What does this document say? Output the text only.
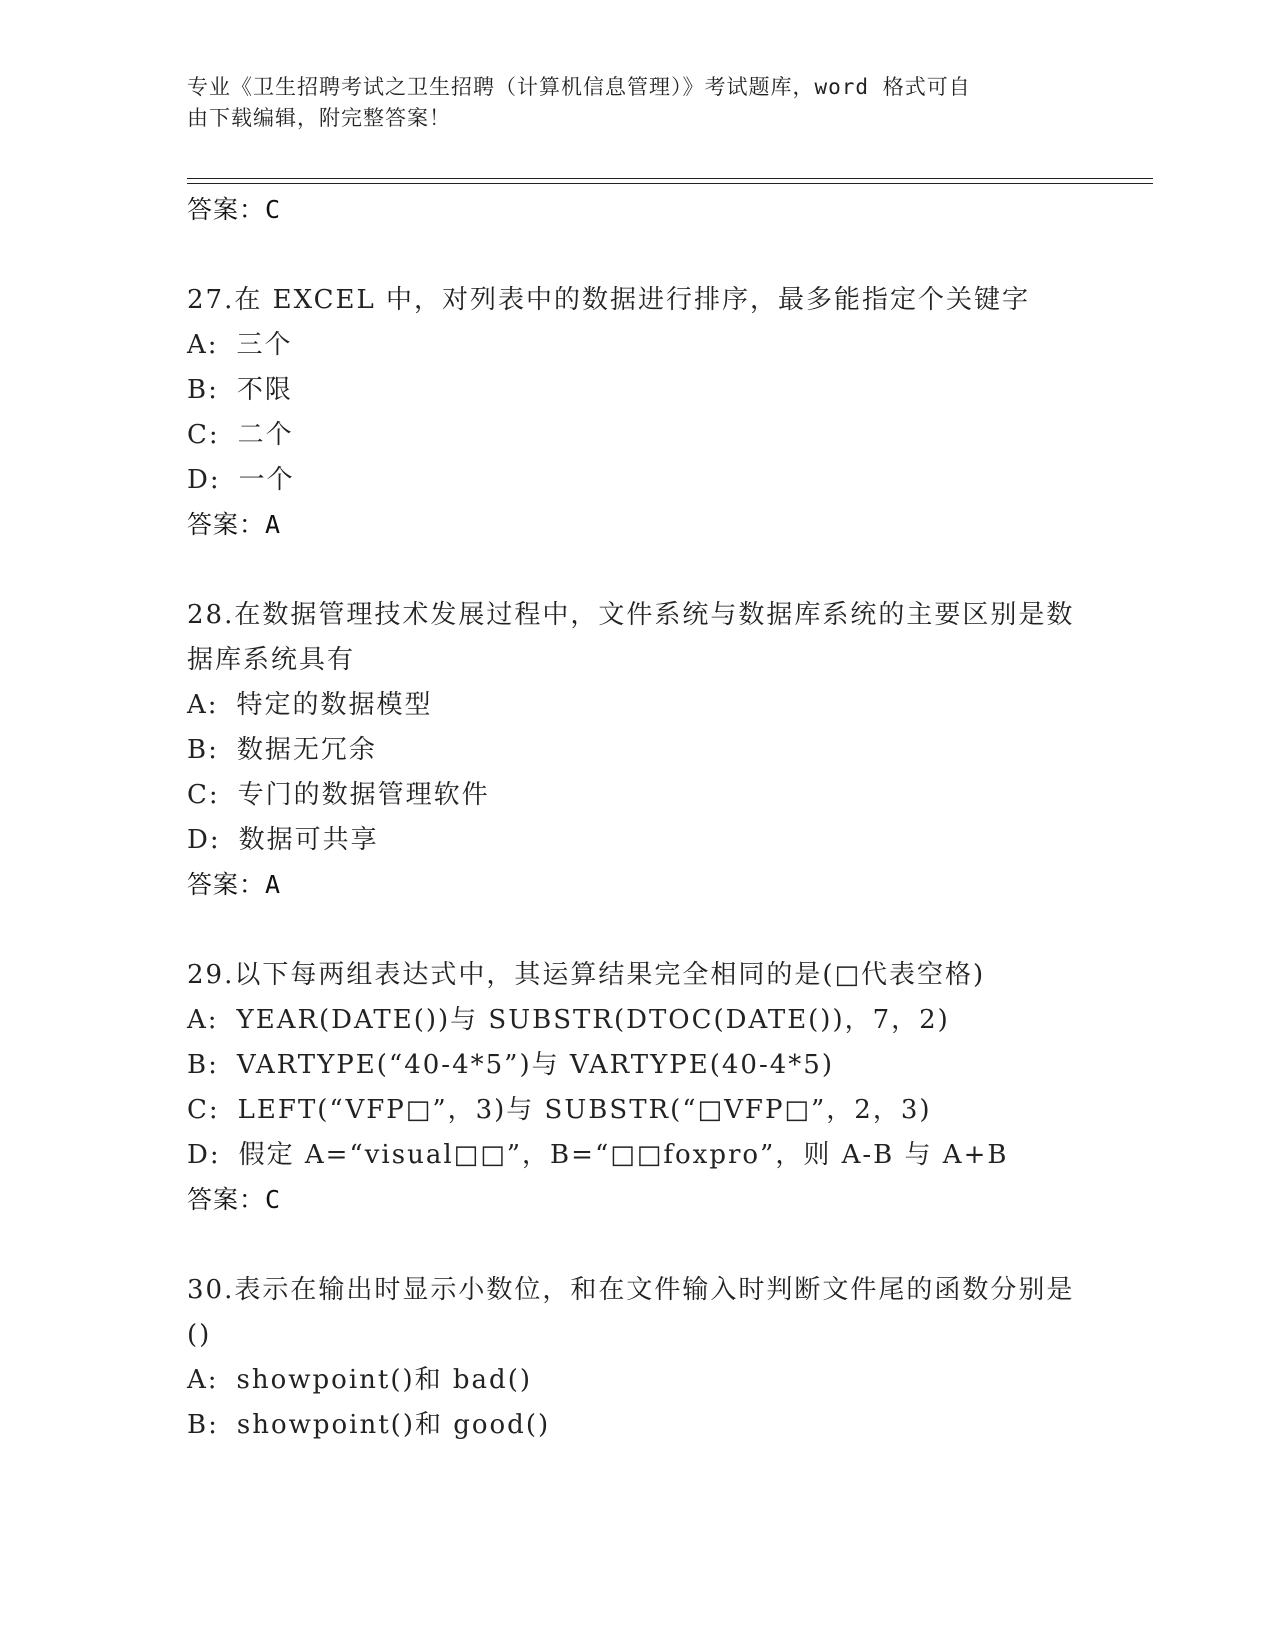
专业《卫生招聘考试之卫生招聘（计算机信息管理）》考试题库，word 格式可自
由下载编辑，附完整答案！
答案：C
27.在 EXCEL 中，对列表中的数据进行排序，最多能指定个关键字
A: 三个
B: 不限
C: 二个
D: 一个
答案：A
28.在数据管理技术发展过程中，文件系统与数据库系统的主要区别是数据库系统具有
A: 特定的数据模型
B: 数据无冗余
C: 专门的数据管理软件
D: 数据可共享
答案：A
29.以下每两组表达式中，其运算结果完全相同的是(□代表空格)
A: YEAR(DATE())与 SUBSTR(DTOC(DATE())，7，2)
B: VARTYPE(“40-4*5”)与 VARTYPE(40-4*5)
C: LEFT(“VFP□”，3)与 SUBSTR(“□VFP□”，2，3)
D: 假定 A=“visual□□”，B=“□□foxpro”，则 A-B 与 A+B
答案：C
30.表示在输出时显示小数位，和在文件输入时判断文件尾的函数分别是()
A: showpoint()和 bad()
B: showpoint()和 good()
